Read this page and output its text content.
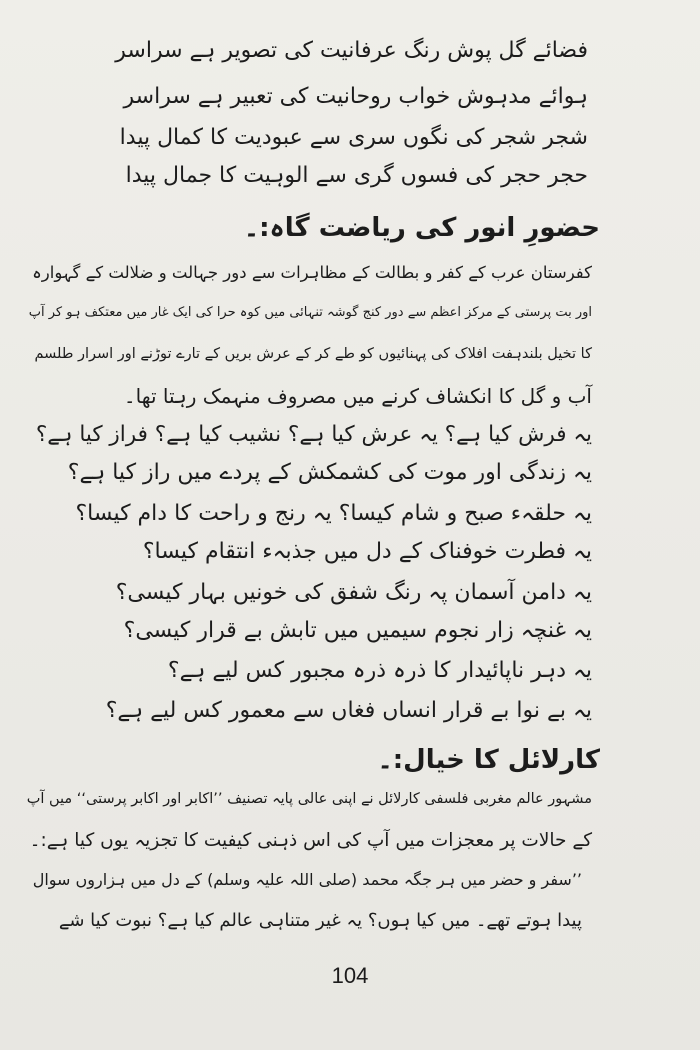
فضائے گل پوش رنگ عرفانیت کی تصویر ہے سراسر
ہوائے مدہوش خواب روحانیت کی تعبیر ہے سراسر
شجر شجر کی نگوں سری سے عبودیت کا کمال پیدا
حجر حجر کی فسوں گری سے الوہیت کا جمال پیدا
حضورِ انور کی ریاضت گاہ:۔
کفرستان عرب کے کفر و بطالت کے مظاہرات سے دور جہالت و ضلالت کے گہوارہ
اور بت پرستی کے مرکز اعظم سے دور کنج گوشہ تنہائی میں کوہ حرا کی ایک غار میں معتکف ہو کر آپ
کا تخیل بلندہفت افلاک کی پہنائیوں کو طے کر کے عرش بریں کے تارے توڑنے اور اسرار طلسم
آب و گل کا انکشاف کرنے میں مصروف منہمک رہتا تھا۔
یہ فرش کیا ہے؟ یہ عرش کیا ہے؟ نشیب کیا ہے؟ فراز کیا ہے؟
یہ زندگی اور موت کی کشمکش کے پردے میں راز کیا ہے؟
یہ حلقہء صبح و شام کیسا؟ یہ رنج و راحت کا دام کیسا؟
یہ فطرت خوفناک کے دل میں جذبہء انتقام کیسا؟
یہ دامن آسمان پہ رنگ شفق کی خونیں بہار کیسی؟
یہ غنچہ زار نجوم سیمیں میں تابش بے قرار کیسی؟
یہ دہر ناپائیدار کا ذرہ ذرہ مجبور کس لیے ہے؟
یہ بے نوا بے قرار انساں فغاں سے معمور کس لیے ہے؟
کارلائل کا خیال:۔
مشہور عالم مغربی فلسفی کارلائل نے اپنی عالی پایہ تصنیف ’’اکابر اور اکابر پرستی‘‘ میں آپ
کے حالات پر معجزات میں آپ کی اس ذہنی کیفیت کا تجزیہ یوں کیا ہے:۔
’’سفر و حضر میں ہر جگہ محمد (صلی اللہ علیہ وسلم) کے دل میں ہزاروں سوال
پیدا ہوتے تھے۔ میں کیا ہوں؟ یہ غیر متناہی عالم کیا ہے؟ نبوت کیا شے
104
